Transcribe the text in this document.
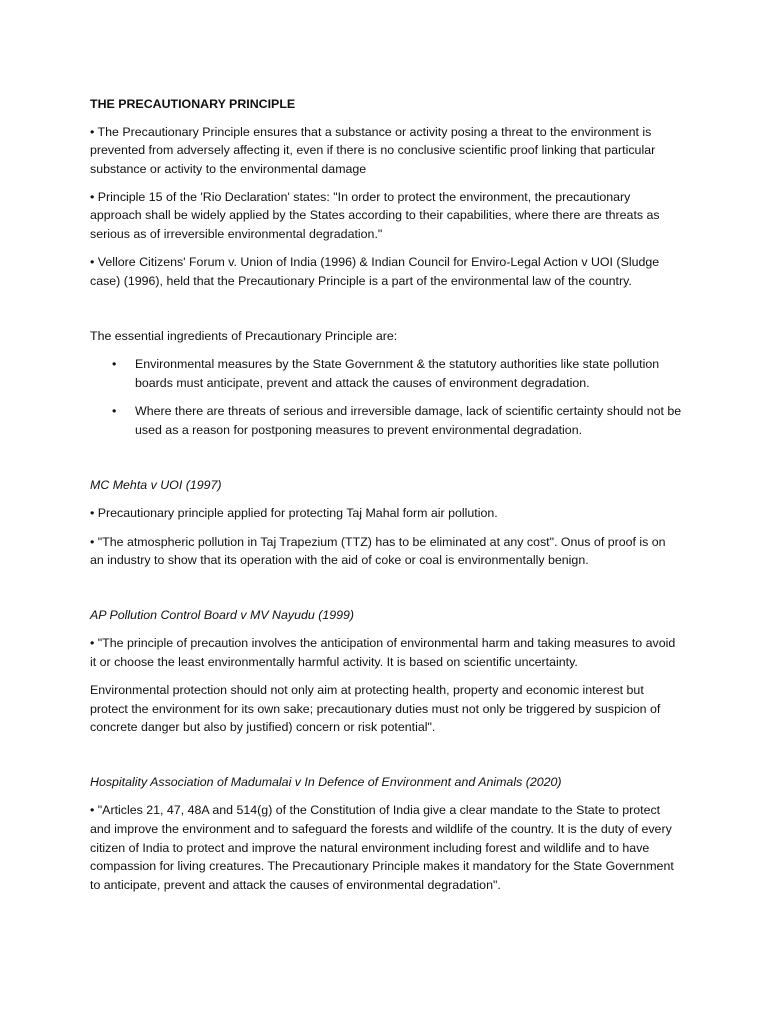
THE PRECAUTIONARY PRINCIPLE

• The Precautionary Principle ensures that a substance or activity posing a threat to the environment is prevented from adversely affecting it, even if there is no conclusive scientific proof linking that particular substance or activity to the environmental damage

• Principle 15 of the 'Rio Declaration' states: "In order to protect the environment, the precautionary approach shall be widely applied by the States according to their capabilities, where there are threats as serious as of irreversible environmental degradation."

• Vellore Citizens' Forum v. Union of India (1996) & Indian Council for Enviro-Legal Action v UOI (Sludge case) (1996), held that the Precautionary Principle is a part of the environmental law of the country.

The essential ingredients of Precautionary Principle are:

• Environmental measures by the State Government & the statutory authorities like state pollution boards must anticipate, prevent and attack the causes of environment degradation.
• Where there are threats of serious and irreversible damage, lack of scientific certainty should not be used as a reason for postponing measures to prevent environmental degradation.
MC Mehta v UOI (1997)

• Precautionary principle applied for protecting Taj Mahal form air pollution.

• "The atmospheric pollution in Taj Trapezium (TTZ) has to be eliminated at any cost". Onus of proof is on an industry to show that its operation with the aid of coke or coal is environmentally benign.

AP Pollution Control Board v MV Nayudu (1999)

• "The principle of precaution involves the anticipation of environmental harm and taking measures to avoid it or choose the least environmentally harmful activity. It is based on scientific uncertainty.

Environmental protection should not only aim at protecting health, property and economic interest but protect the environment for its own sake; precautionary duties must not only be triggered by suspicion of concrete danger but also by justified) concern or risk potential".

Hospitality Association of Madumalai v In Defence of Environment and Animals (2020)

• "Articles 21, 47, 48A and 514(g) of the Constitution of India give a clear mandate to the State to protect and improve the environment and to safeguard the forests and wildlife of the country. It is the duty of every citizen of India to protect and improve the natural environment including forest and wildlife and to have compassion for living creatures. The Precautionary Principle makes it mandatory for the State Government to anticipate, prevent and attack the causes of environmental degradation".
